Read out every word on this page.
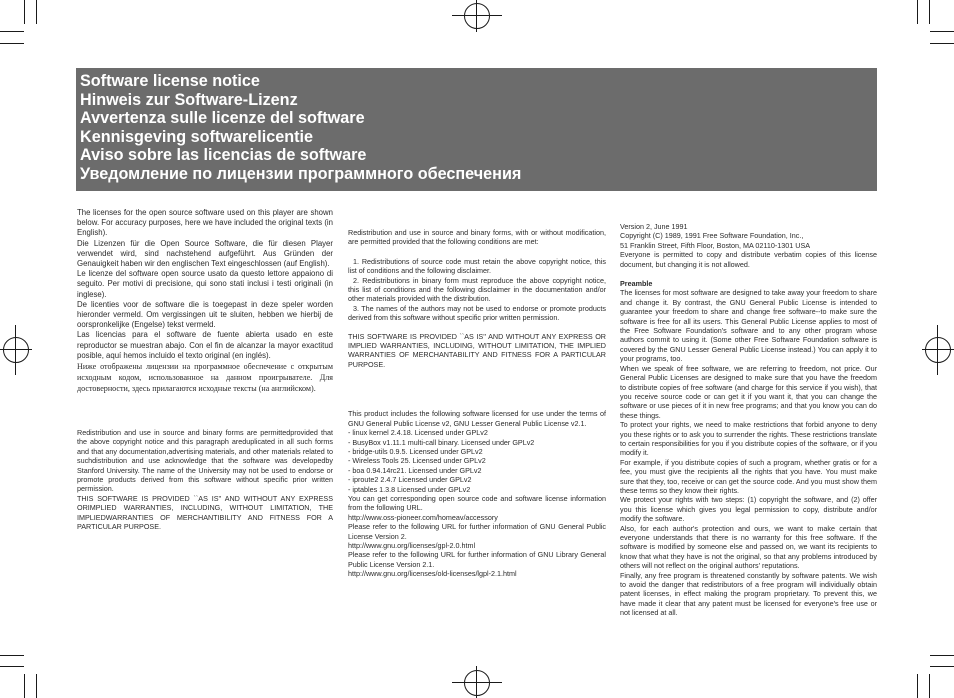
Software license notice
Hinweis zur Software-Lizenz
Avvertenza sulle licenze del software
Kennisgeving softwarelicentie
Aviso sobre las licencias de software
Уведомление по лицензии программного обеспечения

The licenses for the open source software used on this player are shown below. For accuracy purposes, here we have included the original texts (in English).

Die Lizenzen für die Open Source Software, die für diesen Player verwendet wird, sind nachstehend aufgeführt. Aus Gründen der Genauigkeit haben wir den englischen Text eingeschlossen (auf English).

Le licenze del software open source usato da questo lettore appaiono di seguito. Per motivi di precisione, qui sono stati inclusi i testi originali (in inglese).

De licenties voor de software die is toegepast in deze speler worden hieronder vermeld. Om vergissingen uit te sluiten, hebben we hierbij de oorspronkelijke (Engelse) tekst vermeld.

Las licencias para el software de fuente abierta usado en este reproductor se muestran abajo. Con el fin de alcanzar la mayor exactitud posible, aquí hemos incluido el texto original (en inglés).

Ниже отображены лицензии на программное обеспечение с открытым исходным кодом, использованное на данном проигрывателе. Для достоверности, здесь прилагаются исходные тексты (на английском).

Redistribution and use in source and binary forms are permittedprovided that the above copyright notice and this paragraph areduplicated in all such forms and that any documentation,advertising materials, and other materials related to suchdistribution and use acknowledge that the software was developedby Stanford University. The name of the University may not be used to endorse or promote products derived from this software without specific prior written permission.

THIS SOFTWARE IS PROVIDED ``AS IS'' AND WITHOUT ANY EXPRESS ORIMPLIED WARRANTIES, INCLUDING, WITHOUT LIMITATION, THE IMPLIEDWARRANTIES OF MERCHANTIBILITY AND FITNESS FOR A PARTICULAR PURPOSE.

Redistribution and use in source and binary forms, with or without modification, are permitted provided that the following conditions are met:

1. Redistributions of source code must retain the above copyright notice, this list of conditions and the following disclaimer.

2. Redistributions in binary form must reproduce the above copyright notice, this list of conditions and the following disclaimer in the documentation and/or other materials provided with the distribution.

3. The names of the authors may not be used to endorse or promote products derived from this software without specific prior written permission.

THIS SOFTWARE IS PROVIDED ``AS IS'' AND WITHOUT ANY EXPRESS OR IMPLIED WARRANTIES, INCLUDING, WITHOUT LIMITATION, THE IMPLIED WARRANTIES OF MERCHANTABILITY AND FITNESS FOR A PARTICULAR PURPOSE.

This product includes the following software licensed for use under the terms of GNU General Public License v2, GNU Lesser General Public License v2.1.

- linux kernel 2.4.18. Licensed under GPLv2

- BusyBox v1.11.1 multi-call binary. Licensed under GPLv2

- bridge-utils 0.9.5. Licensed under GPLv2

- Wireless Tools 25. Licensed under GPLv2

- boa 0.94.14rc21. Licensed under GPLv2

- iproute2 2.4.7 Licensed under GPLv2

- iptables 1.3.8 Licensed under GPLv2

You can get corresponding open source code and software license information from the following URL.

http://www.oss-pioneer.com/homeav/accessory

Please refer to the following URL for further information of GNU General Public License Version 2.

http://www.gnu.org/licenses/gpl-2.0.html

Please refer to the following URL for further information of GNU Library General Public License Version 2.1.

http://www.gnu.org/licenses/old-licenses/lgpl-2.1.html

Version 2, June 1991

Copyright (C) 1989, 1991 Free Software Foundation, Inc.,

51 Franklin Street, Fifth Floor, Boston, MA 02110-1301 USA

Everyone is permitted to copy and distribute verbatim copies of this license document, but changing it is not allowed.

Preamble

The licenses for most software are designed to take away your freedom to share and change it. By contrast, the GNU General Public License is intended to guarantee your freedom to share and change free software--to make sure the software is free for all its users. This General Public License applies to most of the Free Software Foundation's software and to any other program whose authors commit to using it. (Some other Free Software Foundation software is covered by the GNU Lesser General Public License instead.) You can apply it to your programs, too.

When we speak of free software, we are referring to freedom, not price. Our General Public Licenses are designed to make sure that you have the freedom to distribute copies of free software (and charge for this service if you wish), that you receive source code or can get it if you want it, that you can change the software or use pieces of it in new free programs; and that you know you can do these things.

To protect your rights, we need to make restrictions that forbid anyone to deny you these rights or to ask you to surrender the rights. These restrictions translate to certain responsibilities for you if you distribute copies of the software, or if you modify it.

For example, if you distribute copies of such a program, whether gratis or for a fee, you must give the recipients all the rights that you have. You must make sure that they, too, receive or can get the source code. And you must show them these terms so they know their rights.

We protect your rights with two steps: (1) copyright the software, and (2) offer you this license which gives you legal permission to copy, distribute and/or modify the software.

Also, for each author's protection and ours, we want to make certain that everyone understands that there is no warranty for this free software. If the software is modified by someone else and passed on, we want its recipients to know that what they have is not the original, so that any problems introduced by others will not reflect on the original authors' reputations.

Finally, any free program is threatened constantly by software patents. We wish to avoid the danger that redistributors of a free program will individually obtain patent licenses, in effect making the program proprietary. To prevent this, we have made it clear that any patent must be licensed for everyone's free use or not licensed at all.
